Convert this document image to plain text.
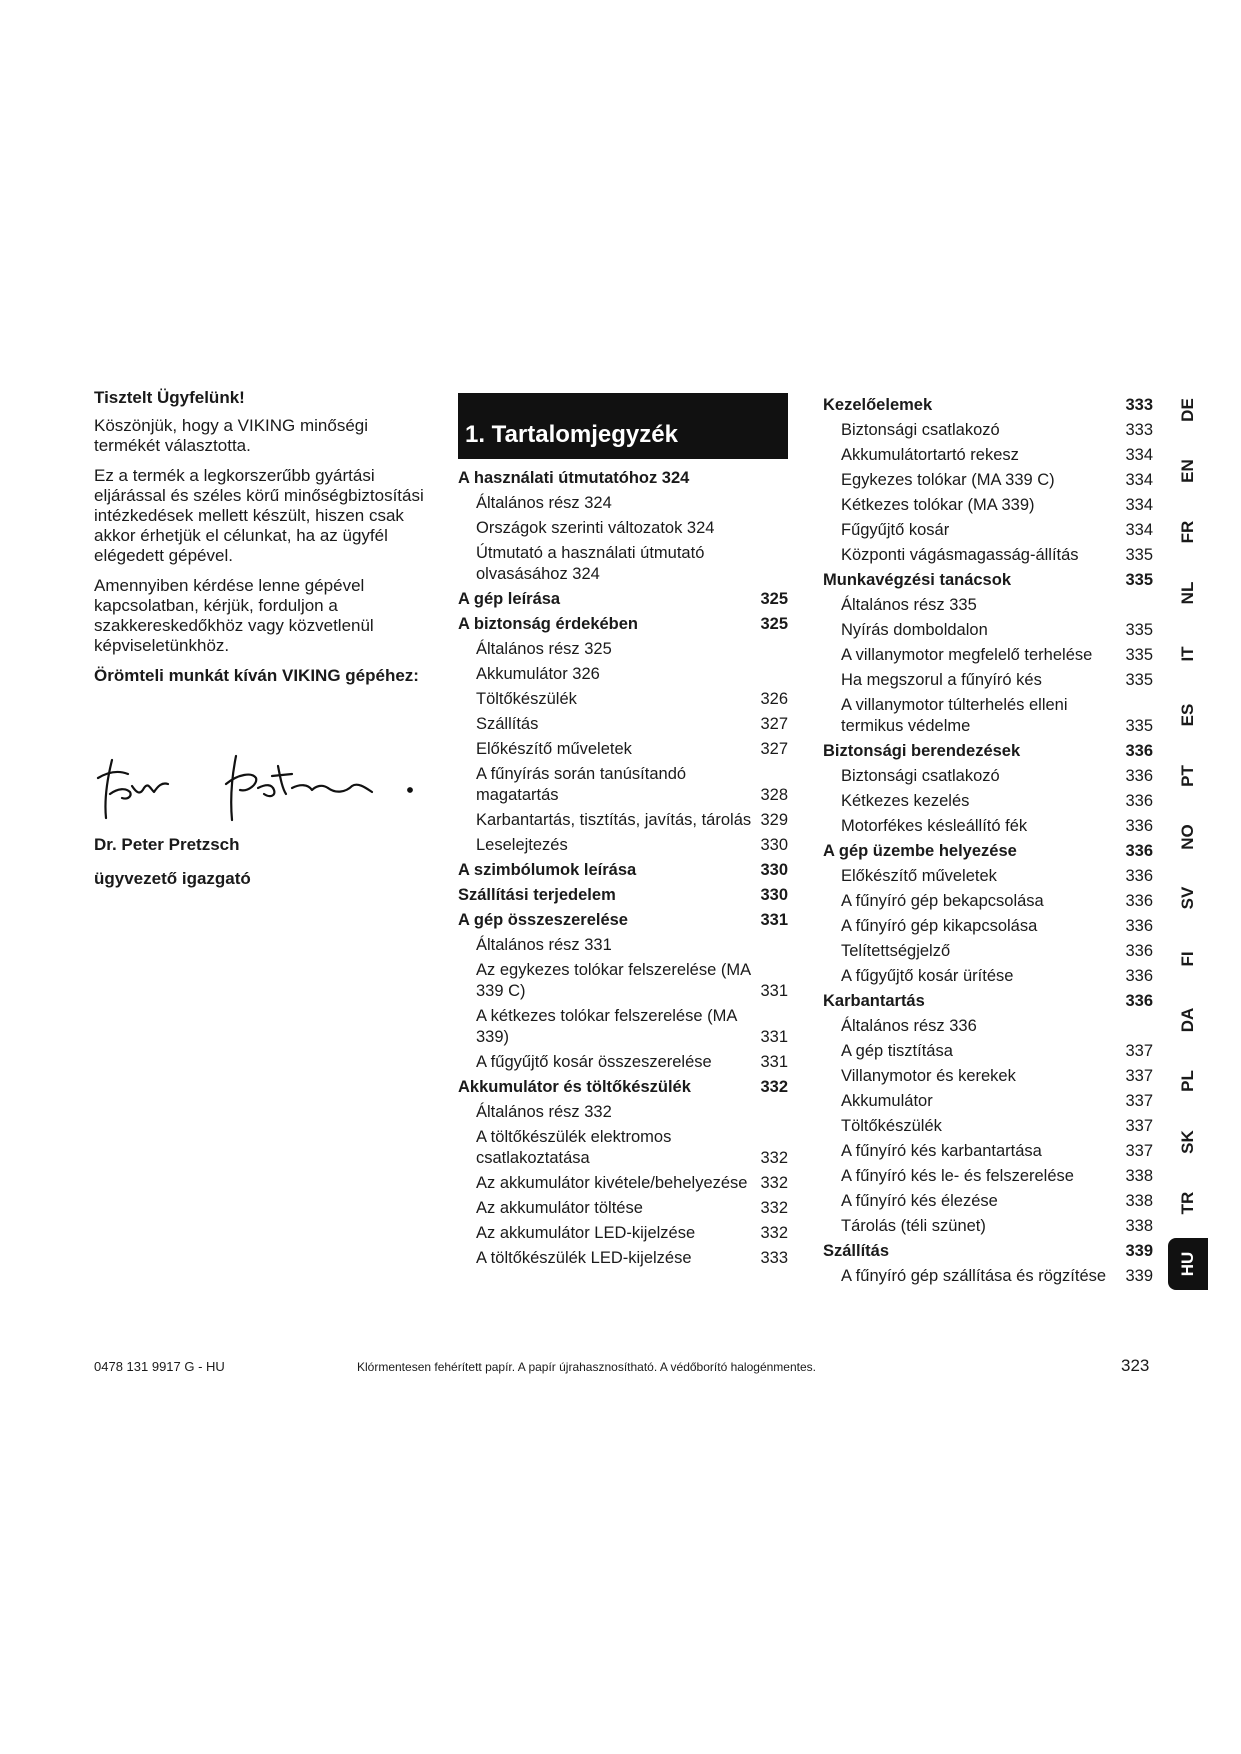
Tisztelt Ügyfelünk!

Köszönjük, hogy a VIKING minőségi termékét választotta.

Ez a termék a legkorszerűbb gyártási eljárással és széles körű minőségbiztosítási intézkedések mellett készült, hiszen csak akkor érhetjük el célunkat, ha az ügyfél elégedett gépével.

Amennyiben kérdése lenne gépével kapcsolatban, kérjük, forduljon a szakkereskedőkhöz vagy közvetlenül képviseletünkhöz.

Örömteli munkát kíván VIKING gépéhez:

Dr. Peter Pretzsch
ügyvezető igazgató
1. Tartalomjegyzék
A használati útmutatóhoz 324
Általános rész 324
Országok szerinti változatok 324
Útmutató a használati útmutató olvasásához 324
A gép leírása	325
A biztonság érdekében	325
Általános rész 325
Akkumulátor 326
Töltőkészülék	326
Szállítás	327
Előkészítő műveletek	327
A fűnyírás során tanúsítandó magatartás	328
Karbantartás, tisztítás, javítás, tárolás 329
Leselejtezés	330
A szimbólumok leírása	330
Szállítási terjedelem	330
A gép összeszerelése	331
Általános rész 331
Az egykezes tolókar felszerelése (MA 339 C)	331
A kétkezes tolókar felszerelése (MA 339)	331
A fűgyűjtő kosár összeszerelése	331
Akkumulátor és töltőkészülék	332
Általános rész 332
A töltőkészülék elektromos csatlakoztatása	332
Az akkumulátor kivétele/behelyezése 332
Az akkumulátor töltése	332
Az akkumulátor LED-kijelzése	332
A töltőkészülék LED-kijelzése	333
Kezelőelemek	333
Biztonsági csatlakozó	333
Akkumulátortartó rekesz	334
Egykezes tolókar (MA 339 C)	334
Kétkezes tolókar (MA 339)	334
Fűgyűjtő kosár	334
Központi vágásmagasság-állítás	335
Munkavégzési tanácsok	335
Általános rész 335
Nyírás domboldalon	335
A villanymotor megfelelő terhelése	335
Ha megszorul a fűnyíró kés	335
A villanymotor túlterhelés elleni termikus védelme	335
Biztonsági berendezések	336
Biztonsági csatlakozó	336
Kétkezes kezelés	336
Motorfékes késleállító fék	336
A gép üzembe helyezése	336
Előkészítő műveletek	336
A fűnyíró gép bekapcsolása	336
A fűnyíró gép kikapcsolása	336
Telítettségjelző	336
A fűgyűjtő kosár ürítése	336
Karbantartás	336
Általános rész 336
A gép tisztítása	337
Villanymotor és kerekek	337
Akkumulátor	337
Töltőkészülék	337
A fűnyíró kés karbantartása	337
A fűnyíró kés le- és felszerelése	338
A fűnyíró kés élezése	338
Tárolás (téli szünet)	338
Szállítás	339
A fűnyíró gép szállítása és rögzítése	339
DE
EN
FR
NL
IT
ES
PT
NO
SV
FI
DA
PL
SK
TR
HU
0478 131 9917 G - HU	Klórmentesen fehérített papír. A papír újrahasznosítható. A védőborító halogénmentes.	323
